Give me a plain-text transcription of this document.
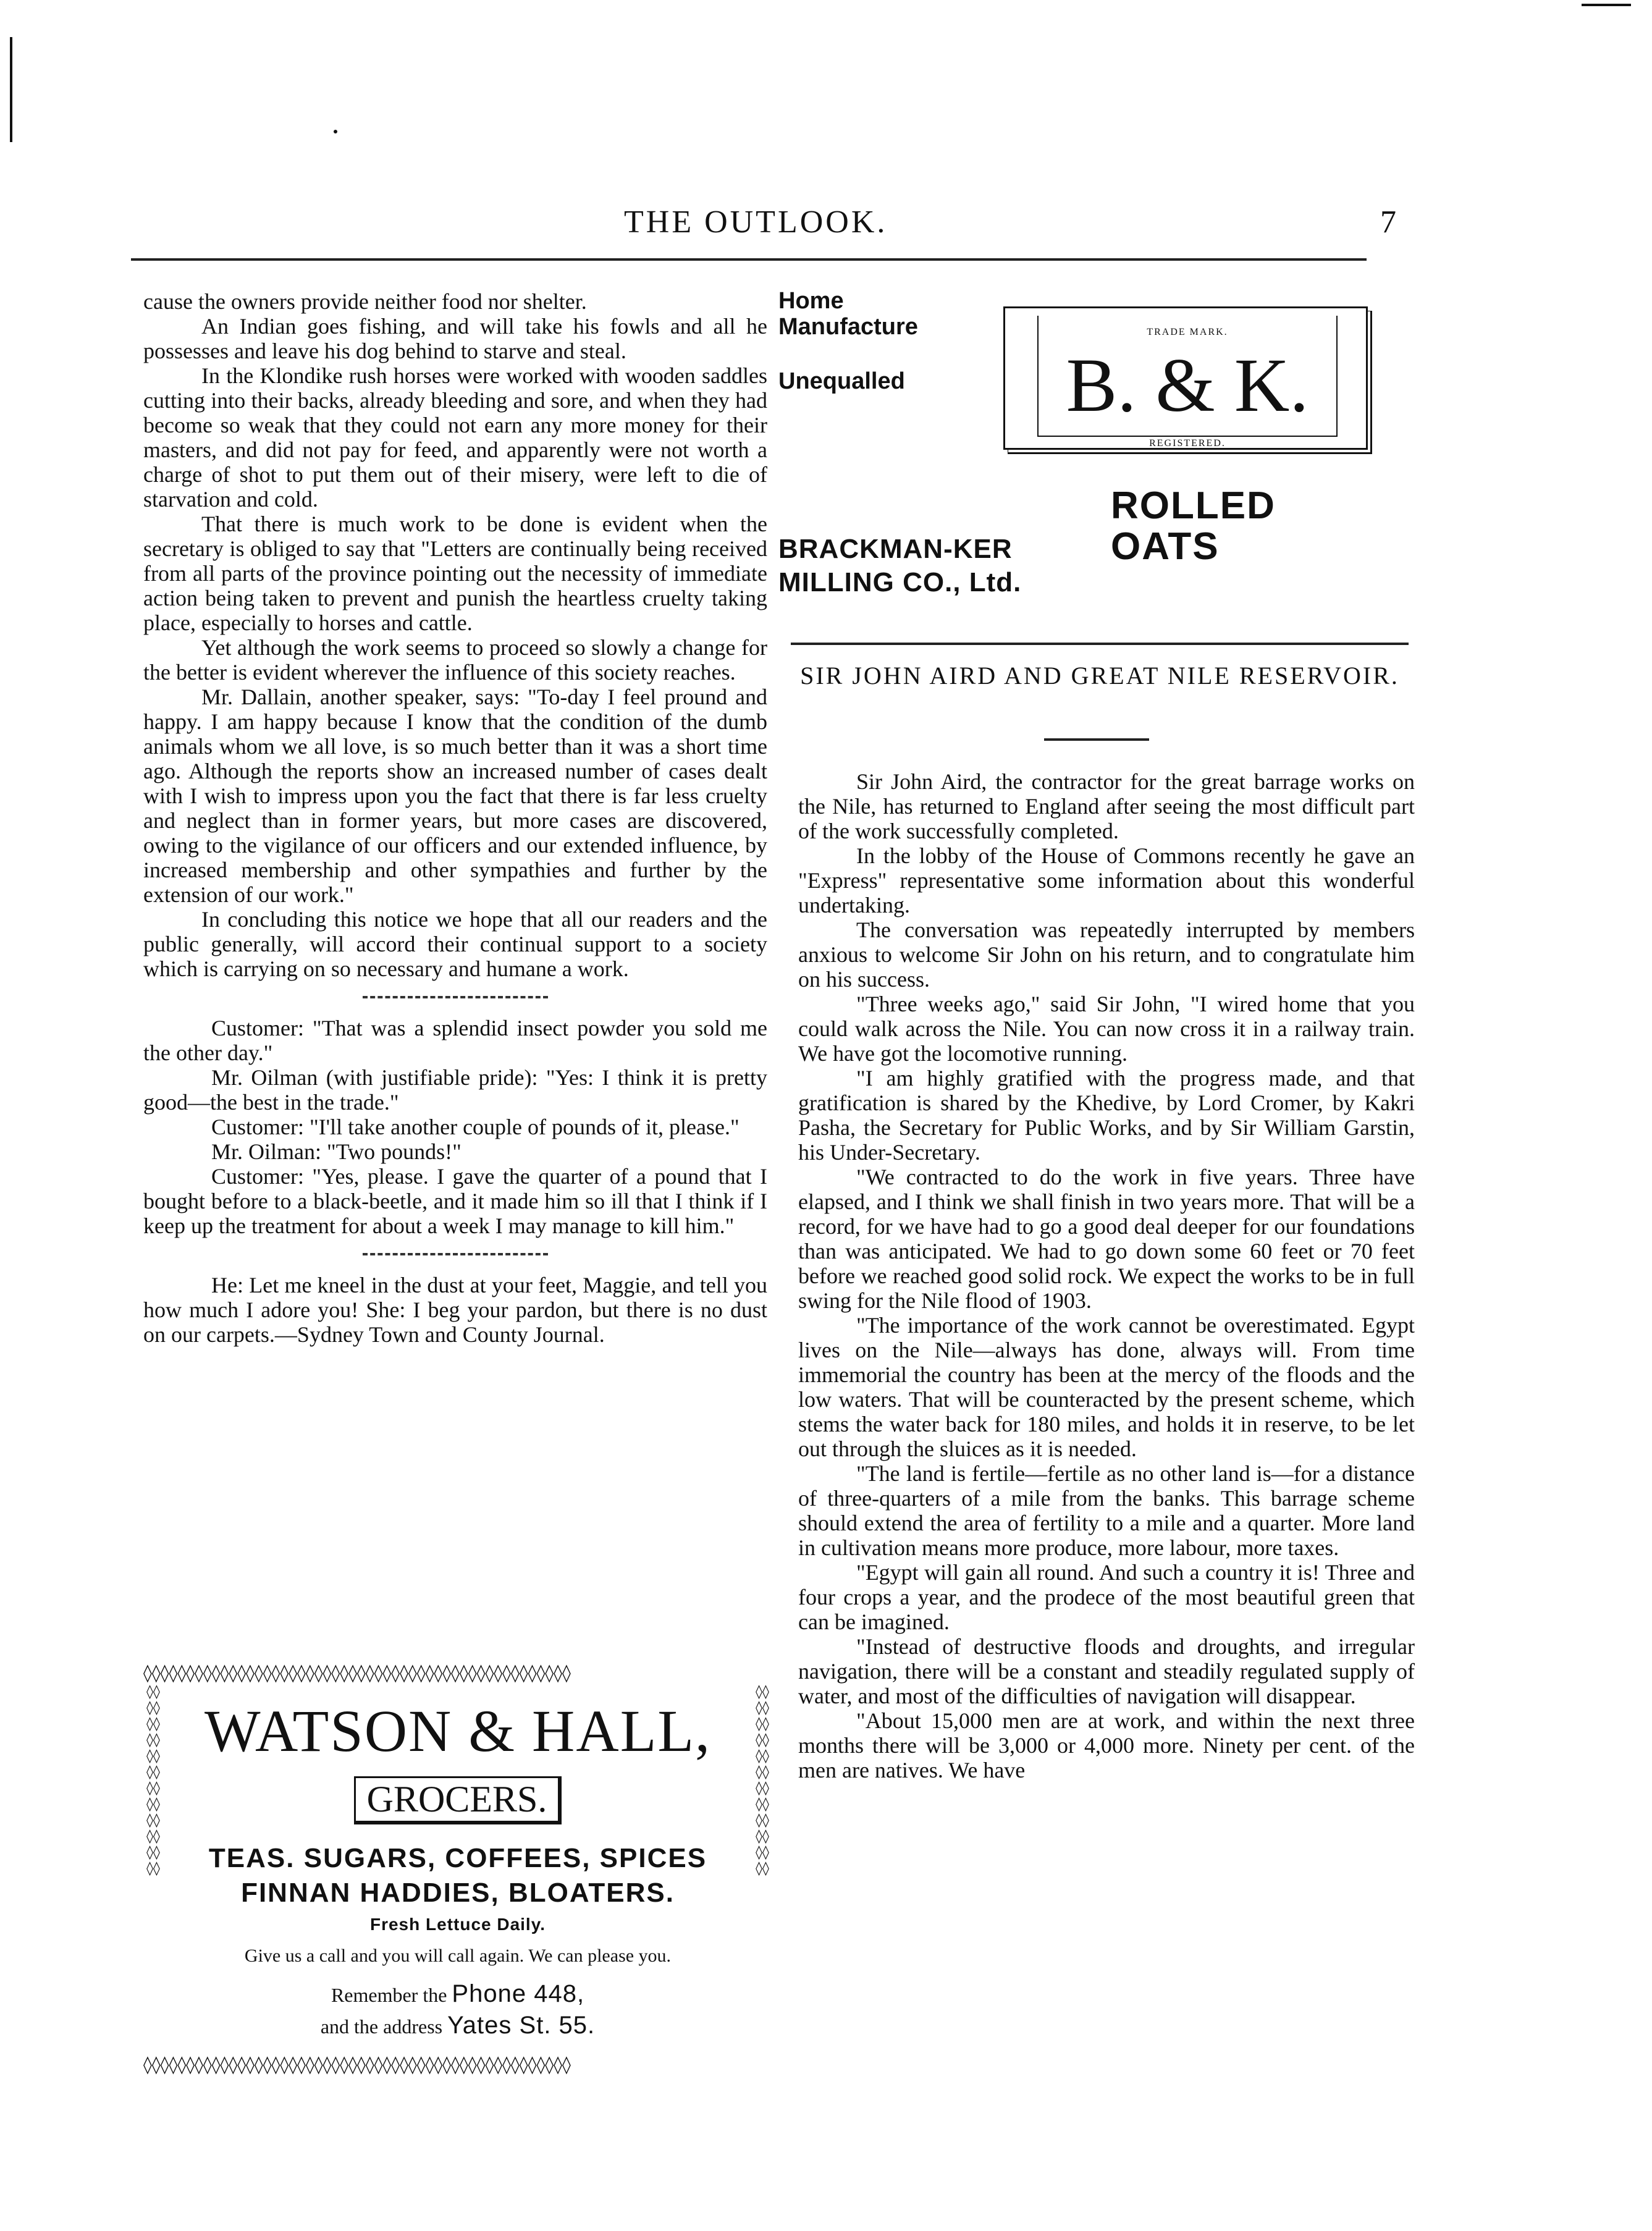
THE OUTLOOK.	7

cause the owners provide neither food nor shelter.

An Indian goes fishing, and will take his fowls and all he possesses and leave his dog behind to starve and steal.

In the Klondike rush horses were worked with wooden saddles cutting into their backs, already bleeding and sore, and when they had become so weak that they could not earn any more money for their masters, and did not pay for feed, and apparently were not worth a charge of shot to put them out of their misery, were left to die of starvation and cold.

That there is much work to be done is evident when the secretary is obliged to say that "Letters are continually being received from all parts of the province pointing out the necessity of immediate action being taken to prevent and punish the heartless cruelty taking place, especially to horses and cattle.

Yet although the work seems to proceed so slowly a change for the better is evident wherever the influence of this society reaches.

Mr. Dallain, another speaker, says: "To-day I feel pround and happy. I am happy because I know that the condition of the dumb animals whom we all love, is so much better than it was a short time ago. Although the reports show an increased number of cases dealt with I wish to impress upon you the fact that there is far less cruelty and neglect than in former years, but more cases are discovered, owing to the vigilance of our officers and our extended influence, by increased membership and other sympathies and further by the extension of our work."

In concluding this notice we hope that all our readers and the public generally, will accord their continual support to a society which is carrying on so necessary and humane a work.

Customer: "That was a splendid insect powder you sold me the other day."

Mr. Oilman (with justifiable pride): "Yes: I think it is pretty good—the best in the trade."

Customer: "I'll take another couple of pounds of it, please."

Mr. Oilman: "Two pounds!"

Customer: "Yes, please. I gave the quarter of a pound that I bought before to a black-beetle, and it made him so ill that I think if I keep up the treatment for about a week I may manage to kill him."

He: Let me kneel in the dust at your feet, Maggie, and tell you how much I adore you! She: I beg your pardon, but there is no dust on our carpets.—Sydney Town and County Journal.

◊◊◊◊◊◊◊◊◊◊◊◊◊◊◊◊◊◊◊◊◊◊◊◊◊◊◊◊◊◊◊◊◊◊◊◊◊◊◊◊◊◊◊◊◊◊◊◊◊◊
◊◊◊◊◊◊◊◊◊◊◊◊◊◊◊◊◊◊◊◊◊◊◊◊
◊◊◊◊◊◊◊◊◊◊◊◊◊◊◊◊◊◊◊◊◊◊◊◊
◊◊◊◊◊◊◊◊◊◊◊◊◊◊◊◊◊◊◊◊◊◊◊◊◊◊◊◊◊◊◊◊◊◊◊◊◊◊◊◊◊◊◊◊◊◊◊◊◊◊
WATSON & HALL,
GROCERS.
TEAS. SUGARS, COFFEES, SPICES
FINNAN HADDIES, BLOATERS.
Fresh Lettuce Daily.
Give us a call and you will call again. We can please you.
Remember the Phone 448,
and the address Yates St. 55.
Home
Manufacture
Unequalled
TRADE MARK.
B. & K.
REGISTERED.
ROLLED
OATS
BRACKMAN-KER
MILLING CO., Ltd.
SIR JOHN AIRD AND GREAT NILE RESERVOIR.

Sir John Aird, the contractor for the great barrage works on the Nile, has returned to England after seeing the most difficult part of the work successfully completed.

In the lobby of the House of Commons recently he gave an "Express" representative some information about this wonderful undertaking.

The conversation was repeatedly interrupted by members anxious to welcome Sir John on his return, and to congratulate him on his success.

"Three weeks ago," said Sir John, "I wired home that you could walk across the Nile. You can now cross it in a railway train. We have got the locomotive running.

"I am highly gratified with the progress made, and that gratification is shared by the Khedive, by Lord Cromer, by Kakri Pasha, the Secretary for Public Works, and by Sir William Garstin, his Under-Secretary.

"We contracted to do the work in five years. Three have elapsed, and I think we shall finish in two years more. That will be a record, for we have had to go a good deal deeper for our foundations than was anticipated. We had to go down some 60 feet or 70 feet before we reached good solid rock. We expect the works to be in full swing for the Nile flood of 1903.

"The importance of the work cannot be overestimated. Egypt lives on the Nile—always has done, always will. From time immemorial the country has been at the mercy of the floods and the low waters. That will be counteracted by the present scheme, which stems the water back for 180 miles, and holds it in reserve, to be let out through the sluices as it is needed.

"The land is fertile—fertile as no other land is—for a distance of three-quarters of a mile from the banks. This barrage scheme should extend the area of fertility to a mile and a quarter. More land in cultivation means more produce, more labour, more taxes.

"Egypt will gain all round. And such a country it is! Three and four crops a year, and the prodece of the most beautiful green that can be imagined.

"Instead of destructive floods and droughts, and irregular navigation, there will be a constant and steadily regulated supply of water, and most of the difficulties of navigation will disappear.

"About 15,000 men are at work, and within the next three months there will be 3,000 or 4,000 more. Ninety per cent. of the men are natives. We have
